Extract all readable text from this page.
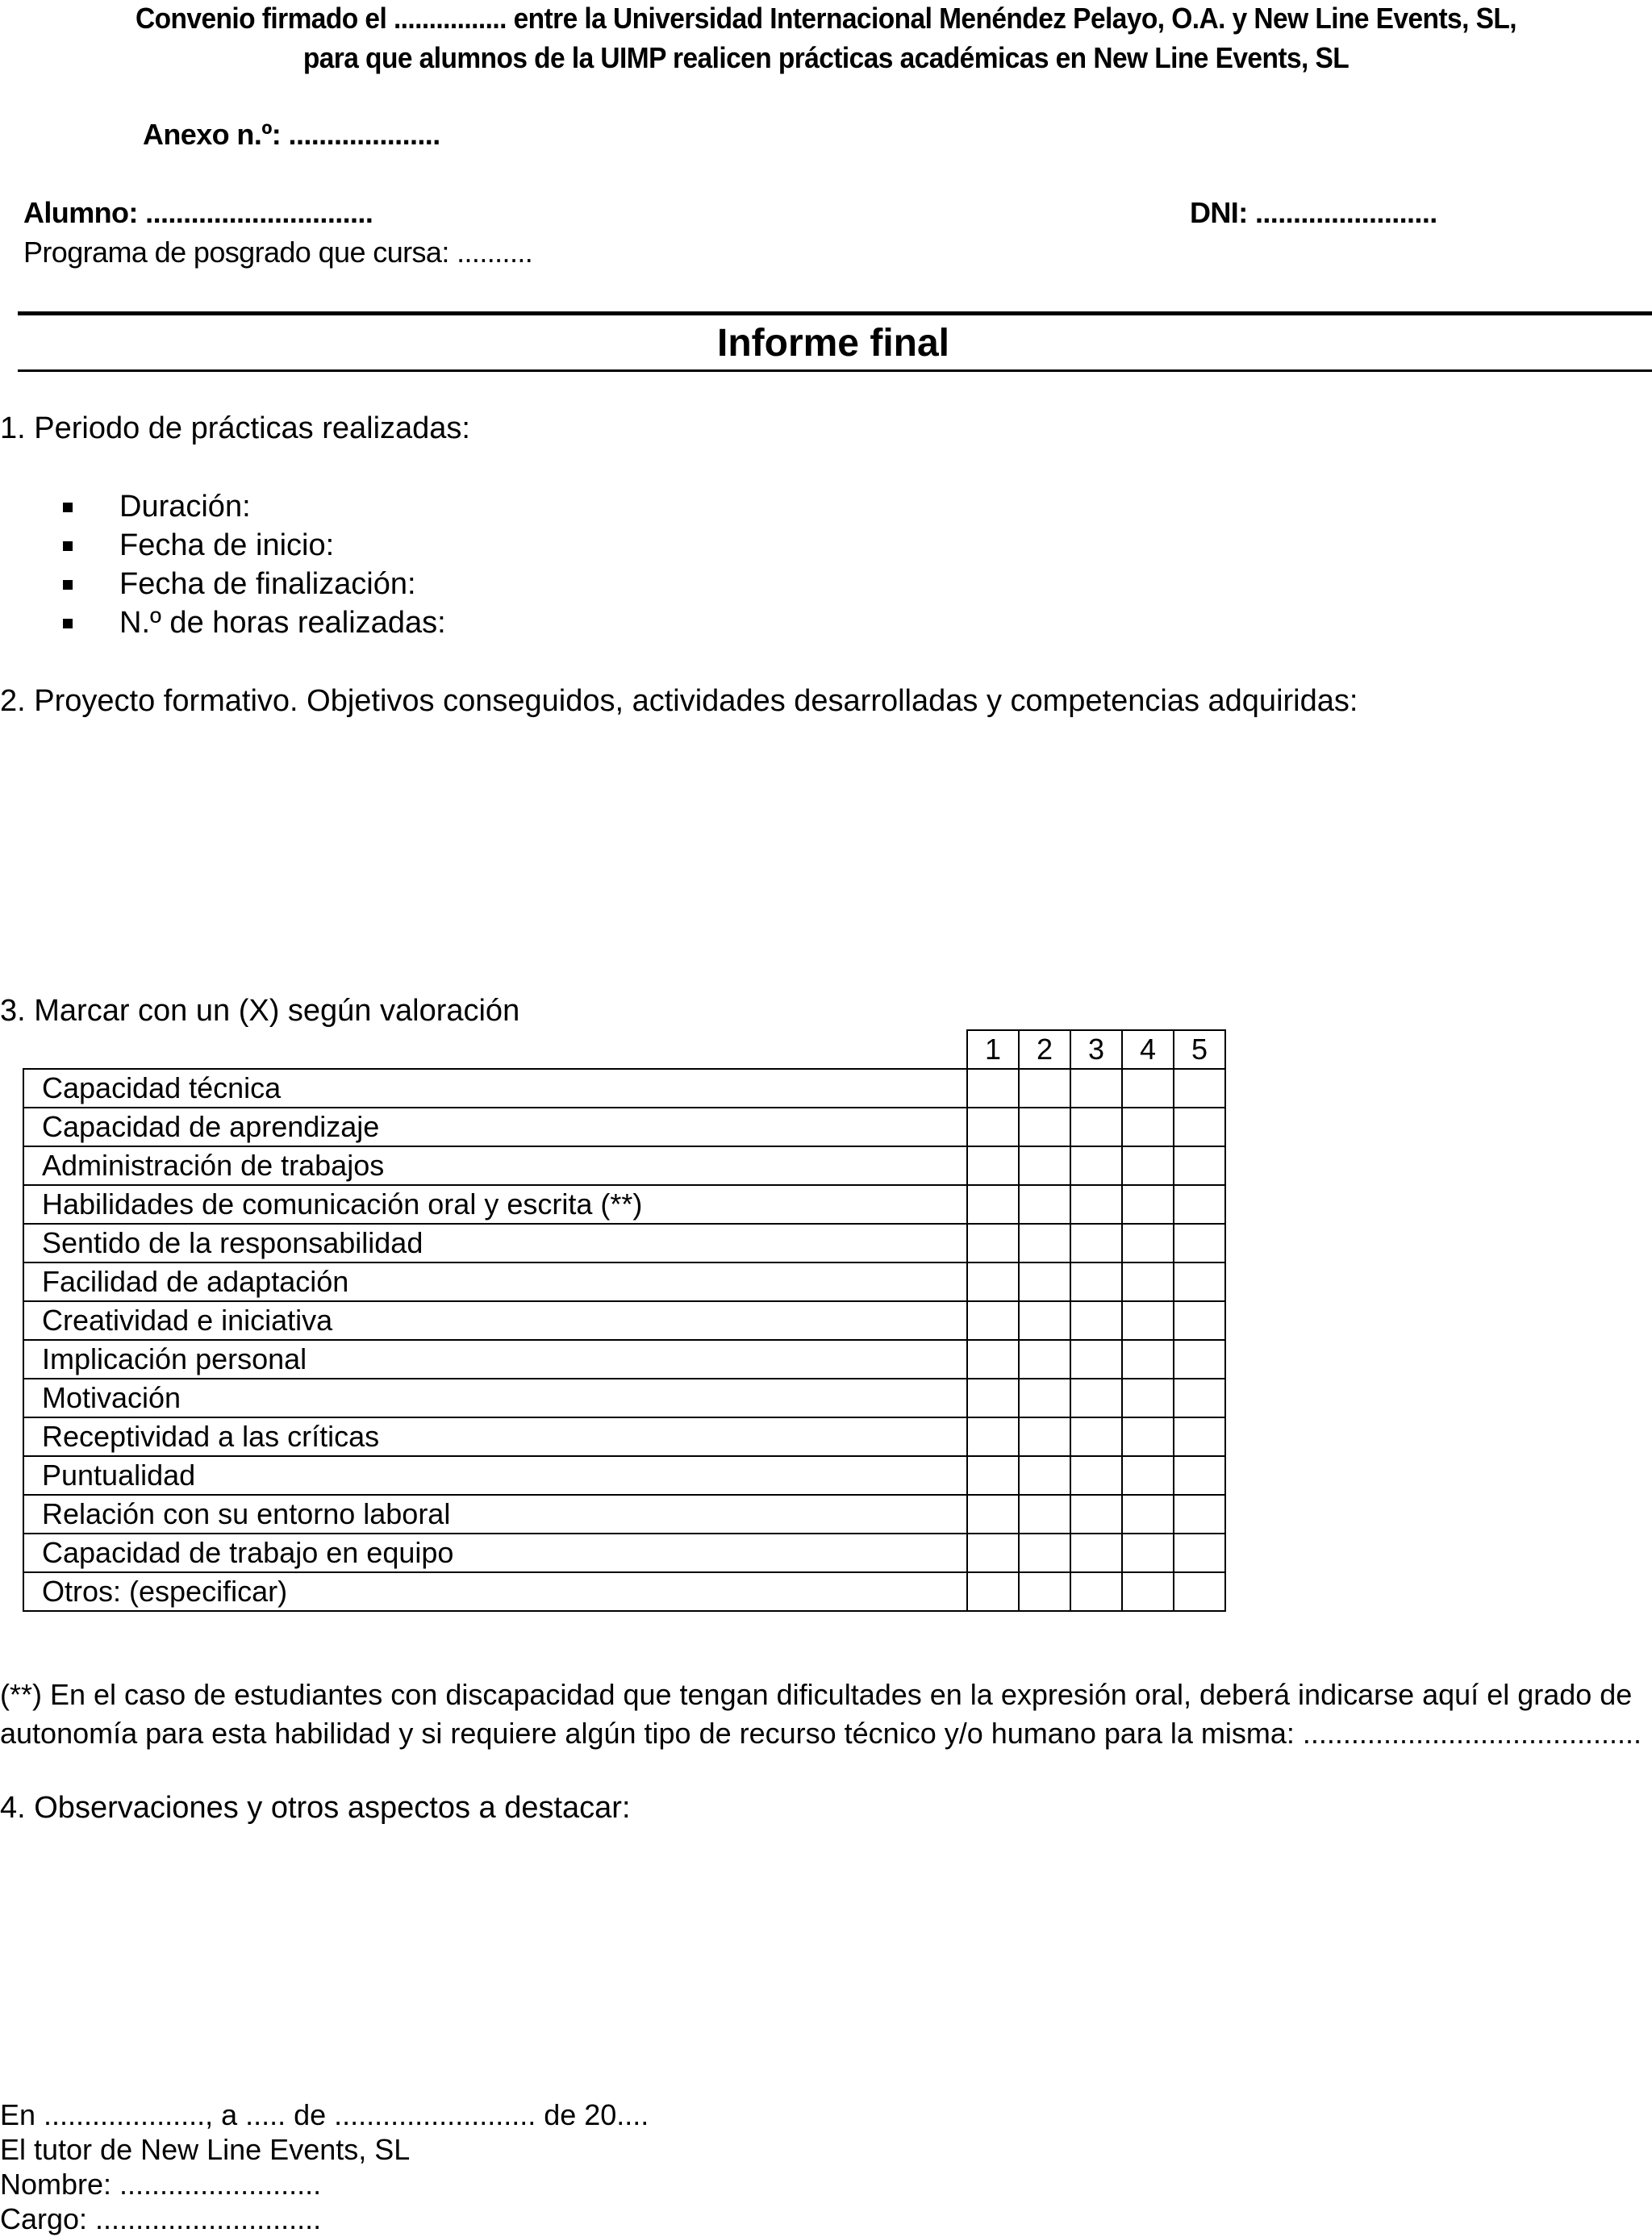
Convenio firmado el ................ entre la Universidad Internacional Menéndez Pelayo, O.A. y New Line Events, SL,
para que alumnos de la UIMP realicen prácticas académicas en New Line Events, SL
Anexo n.º: ....................
Alumno: ..............................	DNI: ........................
Programa de posgrado que cursa: ..........
Informe final
1. Periodo de prácticas realizadas:
Duración:
Fecha de inicio:
Fecha de finalización:
N.º de horas realizadas:
2. Proyecto formativo. Objetivos conseguidos, actividades desarrolladas y competencias adquiridas:
3. Marcar con un (X) según valoración
	1	2	3	4	5
Capacidad técnica					
Capacidad de aprendizaje					
Administración de trabajos					
Habilidades de comunicación oral y escrita (**)					
Sentido de la responsabilidad					
Facilidad de adaptación					
Creatividad e iniciativa					
Implicación personal					
Motivación					
Receptividad a las críticas					
Puntualidad					
Relación con su entorno laboral					
Capacidad de trabajo en equipo					
Otros: (especificar)					
(**) En el caso de estudiantes con discapacidad que tengan dificultades en la expresión oral, deberá indicarse aquí el grado de
autonomía para esta habilidad y si requiere algún tipo de recurso técnico y/o humano para la misma: ..........................................
4. Observaciones y otros aspectos a destacar:
En ...................., a ..... de ......................... de 20....
El tutor de New Line Events, SL
Nombre: .........................
Cargo: ............................
